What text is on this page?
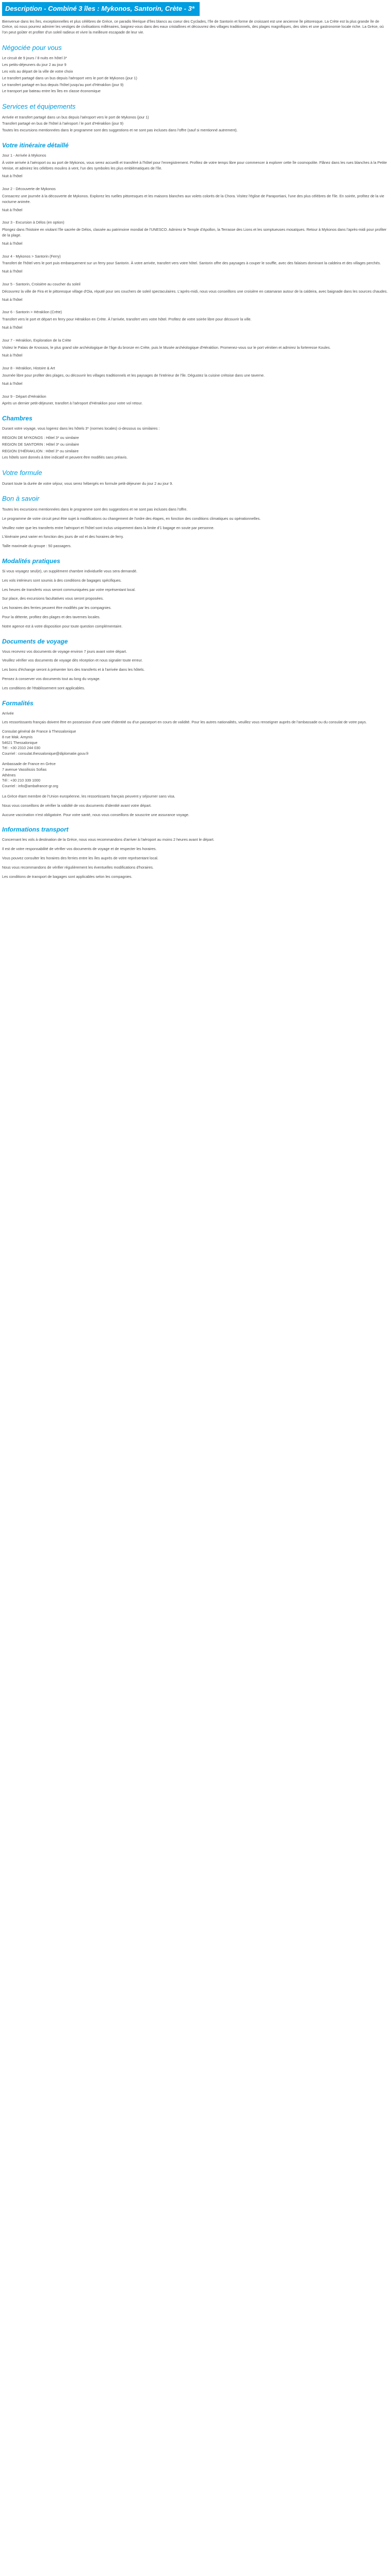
Description - Combiné 3 îles : Mykonos, Santorin, Crète - 3*

Bienvenue dans les îles, exceptionnelles et plus célèbres de Grèce, ce paradis féerique d'îles blancs au coeur des Cyclades, l'île de Santorin et forme de croissant est une ancienne île pittoresque. La Crète est la plus grande île de Grèce, où nous pourrez admirer les vestiges de civilisations millénaires, baignez-vous dans des eaux cristallines et découvrez des villages traditionnels, des plages magnifiques, des sites et une gastronomie locale riche. La Grèce, où l'on peut goûter et profiter d'un soleil radieux et vivre la meilleure escapade de leur vie.

Négociée pour vous

Le circuit de 9 jours / 8 nuits en hôtel 3*

Les petits-déjeuners du jour 2 au jour 9

Les vols au départ de la ville de votre choix

Le transfert partagé dans un bus depuis l'aéroport vers le port de Mykonos (jour 1)

Le transfert partagé en bus depuis l'hôtel jusqu'au port d'Héraklion (jour 9)

Le transport par bateau entre les îles en classe économique

Services et équipements

Arrivée et transfert partagé dans un bus depuis l'aéroport vers le port de Mykonos (jour 1)

Transfert partagé en bus de l'hôtel à l'aéroport / le port d'Héraklion (jour 9)

Toutes les excursions mentionnées dans le programme sont des suggestions et ne sont pas incluses dans l'offre (sauf si mentionné autrement).

Votre itinéraire détaillé

Jour 1 - Arrivée à Mykonos

À votre arrivée à l'aéroport ou au port de Mykonos, vous serez accueilli et transféré à l'hôtel pour l'enregistrement. Profitez de votre temps libre pour commencer à explorer cette île cosmopolite. Flânez dans les rues blanches à la Petite Venise, et admirez les célèbres moulins à vent, l'un des symboles les plus emblématiques de l'île.

Nuit à l'hôtel

Jour 2 - Découverte de Mykonos

Consacrez une journée à la découverte de Mykonos. Explorez les ruelles pittoresques et les maisons blanches aux volets colorés de la Chora. Visitez l'église de Paraportiani, l'une des plus célèbres de l'île. En soirée, profitez de la vie nocturne animée.

Nuit à l'hôtel

Jour 3 - Excursion à Délos (en option)

Plongez dans l'histoire en visitant l'île sacrée de Délos, classée au patrimoine mondial de l'UNESCO. Admirez le Temple d'Apollon, la Terrasse des Lions et les somptueuses mosaïques. Retour à Mykonos dans l'après-midi pour profiter de la plage.

Nuit à l'hôtel

Jour 4 - Mykonos > Santorin (Ferry)

Transfert de l'hôtel vers le port puis embarquement sur un ferry pour Santorin. À votre arrivée, transfert vers votre hôtel. Santorin offre des paysages à couper le souffle, avec des falaises dominant la caldeira et des villages perchés.

Nuit à l'hôtel

Jour 5 - Santorin, Croisière au coucher du soleil

Découvrez la ville de Fira et le pittoresque village d'Oia, réputé pour ses couchers de soleil spectaculaires. L'après-midi, nous vous conseillons une croisière en catamaran autour de la caldeira, avec baignade dans les sources chaudes.

Nuit à l'hôtel

Jour 6 - Santorin > Héraklion (Crète)

Transfert vers le port et départ en ferry pour Héraklion en Crète. À l'arrivée, transfert vers votre hôtel. Profitez de votre soirée libre pour découvrir la ville.

Nuit à l'hôtel

Jour 7 - Héraklion, Exploration de la Crète

Visitez le Palais de Knossos, le plus grand site archéologique de l'âge du bronze en Crète, puis le Musée archéologique d'Héraklion. Promenez-vous sur le port vénitien et admirez la forteresse Koules.

Nuit à l'hôtel

Jour 8 - Héraklion, Histoire & Art

Journée libre pour profiter des plages, ou découvrir les villages traditionnels et les paysages de l'intérieur de l'île. Dégustez la cuisine crétoise dans une taverne.

Nuit à l'hôtel

Jour 9 - Départ d'Héraklion

Après un dernier petit-déjeuner, transfert à l'aéroport d'Héraklion pour votre vol retour.

Chambres

Durant votre voyage, vous logerez dans les hôtels 3* (normes locales) ci-dessous ou similaires :

REGION DE MYKONOS : Hôtel 3* ou similaire

REGION DE SANTORIN : Hôtel 3* ou similaire

REGION D'HÉRAKLION : Hôtel 3* ou similaire

Les hôtels sont donnés à titre indicatif et peuvent être modifiés sans préavis.

Votre formule

Durant toute la durée de votre séjour, vous serez hébergés en formule petit-déjeuner du jour 2 au jour 9.

Bon à savoir

Toutes les excursions mentionnées dans le programme sont des suggestions et ne sont pas incluses dans l'offre.

Le programme de votre circuit peut être sujet à modifications ou changement de l'ordre des étapes, en fonction des conditions climatiques ou opérationnelles.

Veuillez noter que les transferts entre l'aéroport et l'hôtel sont inclus uniquement dans la limite d'1 bagage en soute par personne.

L'itinéraire peut varier en fonction des jours de vol et des horaires de ferry.

Taille maximale du groupe : 50 passagers.

Modalités pratiques

Si vous voyagez seul(e), un supplément chambre individuelle vous sera demandé.

Les vols intérieurs sont soumis à des conditions de bagages spécifiques.

Les heures de transferts vous seront communiquées par votre représentant local.

Sur place, des excursions facultatives vous seront proposées.

Les horaires des ferries peuvent être modifiés par les compagnies.

Pour la détente, profitez des plages et des tavernes locales.

Notre agence est à votre disposition pour toute question complémentaire.

Documents de voyage

Vous recevrez vos documents de voyage environ 7 jours avant votre départ.

Veuillez vérifier vos documents de voyage dès réception et nous signaler toute erreur.

Les bons d'échange seront à présenter lors des transferts et à l'arrivée dans les hôtels.

Pensez à conserver vos documents tout au long du voyage.

Les conditions de l'établissement sont applicables.

Formalités

Arrivée

Les ressortissants français doivent être en possession d'une carte d'identité ou d'un passeport en cours de validité. Pour les autres nationalités, veuillez vous renseigner auprès de l'ambassade ou du consulat de votre pays.

Consulat général de France à Thessalonique

8 rue Mak. Amynis

54621 Thessalonique

Tél : +30 2310 244 030

Courriel : consulat.thessalonique@diplomatie.gouv.fr

Ambassade de France en Grèce

7 avenue Vassilissis Sofias

Athènes

Tél : +30 210 339 1000

Courriel : info@ambafrance-gr.org

La Grèce étant membre de l'Union européenne, les ressortissants français peuvent y séjourner sans visa.

Nous vous conseillons de vérifier la validité de vos documents d'identité avant votre départ.

Aucune vaccination n'est obligatoire. Pour votre santé, nous vous conseillons de souscrire une assurance voyage.

Informations transport

Concernant les vols à destination de la Grèce, nous vous recommandons d'arriver à l'aéroport au moins 2 heures avant le départ.

Il est de votre responsabilité de vérifier vos documents de voyage et de respecter les horaires.

Vous pouvez consulter les horaires des ferries entre les îles auprès de votre représentant local.

Nous vous recommandons de vérifier régulièrement les éventuelles modifications d'horaires.

Les conditions de transport de bagages sont applicables selon les compagnies.
